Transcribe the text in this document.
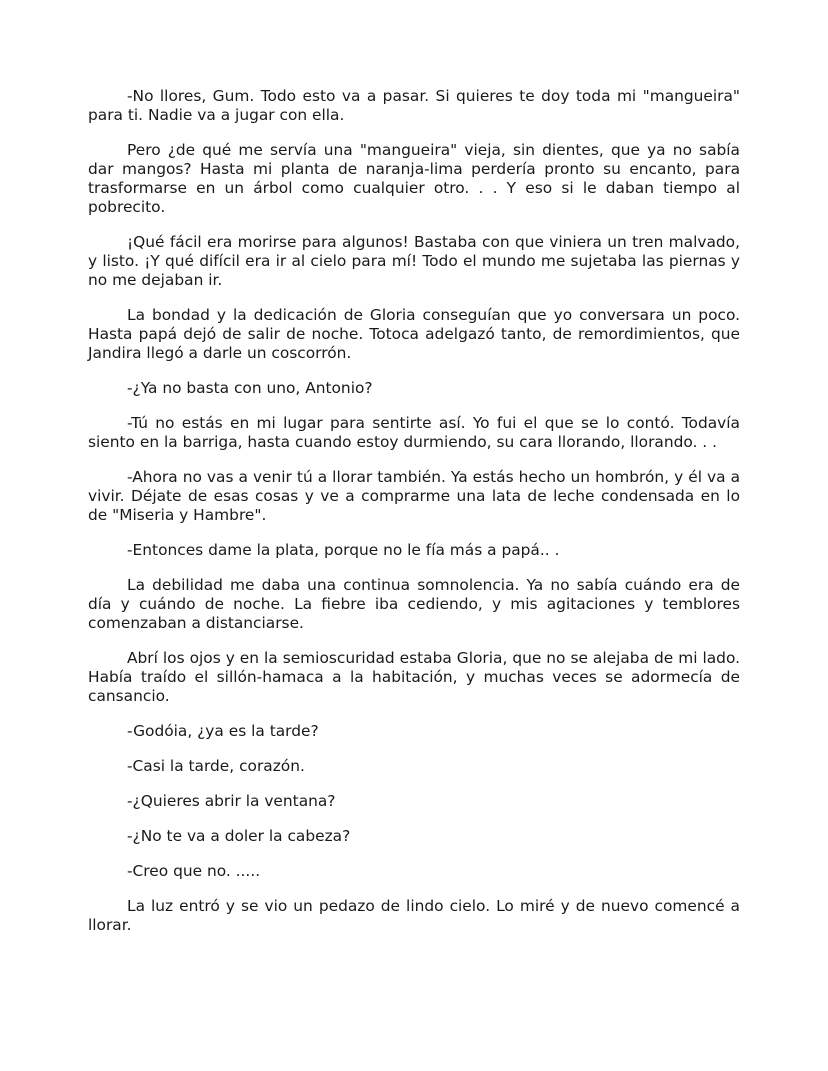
-No llores, Gum. Todo esto va a pasar. Si quieres te doy toda mi "mangueira" para ti. Nadie va a jugar con ella.

Pero ¿de qué me servía una "mangueira" vieja, sin dientes, que ya no sabía dar mangos? Hasta mi planta de naranja-lima perdería pronto su encanto, para trasformarse en un árbol como cualquier otro. . . Y eso si le daban tiempo al pobrecito.

¡Qué fácil era morirse para algunos! Bastaba con que viniera un tren malvado, y listo. ¡Y qué difícil era ir al cielo para mí! Todo el mundo me sujetaba las piernas y no me dejaban ir.

La bondad y la dedicación de Gloria conseguían que yo conversara un poco. Hasta papá dejó de salir de noche. Totoca adelgazó tanto, de remordimientos, que Jandira llegó a darle un coscorrón.

-¿Ya no basta con uno, Antonio?

-Tú no estás en mi lugar para sentirte así. Yo fui el que se lo contó. Todavía siento en la barriga, hasta cuando estoy durmiendo, su cara llorando, llorando. . .

-Ahora no vas a venir tú a llorar también. Ya estás hecho un hombrón, y él va a vivir. Déjate de esas cosas y ve a comprarme una lata de leche condensada en lo de "Miseria y Hambre".

-Entonces dame la plata, porque no le fía más a papá.. .

La debilidad me daba una continua somnolencia. Ya no sabía cuándo era de día y cuándo de noche. La fiebre iba cediendo, y mis agitaciones y temblores comenzaban a distanciarse.

Abrí los ojos y en la semioscuridad estaba Gloria, que no se alejaba de mi lado. Había traído el sillón-hamaca a la habitación, y muchas veces se adormecía de cansancio.

-Godóia, ¿ya es la tarde?

-Casi la tarde, corazón.

-¿Quieres abrir la ventana?

-¿No te va a doler la cabeza?

-Creo que no. .....

La luz entró y se vio un pedazo de lindo cielo. Lo miré y de nuevo comencé a llorar.
